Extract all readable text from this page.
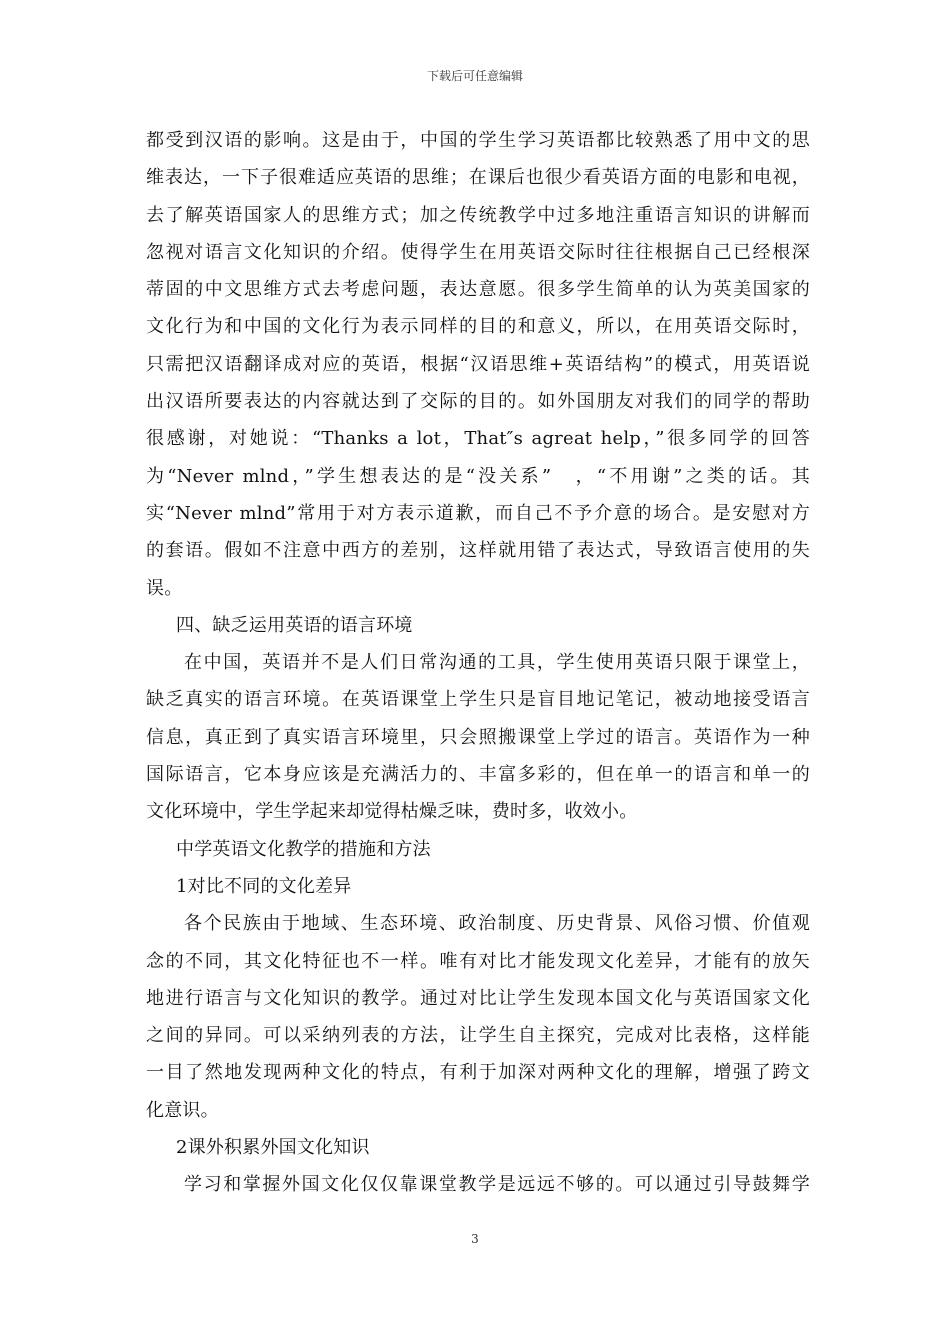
下载后可任意编辑
都受到汉语的影响。这是由于，中国的学生学习英语都比较熟悉了用中文的思
维表达，一下子很难适应英语的思维；在课后也很少看英语方面的电影和电视，
去了解英语国家人的思维方式；加之传统教学中过多地注重语言知识的讲解而
忽视对语言文化知识的介绍。使得学生在用英语交际时往往根据自己已经根深
蒂固的中文思维方式去考虑问题，表达意愿。很多学生简单的认为英美国家的
文化行为和中国的文化行为表示同样的目的和意义，所以，在用英语交际时，
只需把汉语翻译成对应的英语，根据“汉语思维+英语结构”的模式，用英语说
出汉语所要表达的内容就达到了交际的目的。如外国朋友对我们的同学的帮助
很感谢，对她说：“Thanks a lot，That″s agreat help，”很多同学的回答
为“Never mlnd，”学生想表达的是“没关系”　，“不用谢”之类的话。其
实“Never mlnd”常用于对方表示道歉，而自己不予介意的场合。是安慰对方
的套语。假如不注意中西方的差别，这样就用错了表达式，导致语言使用的失
误。
四、缺乏运用英语的语言环境
在中国，英语并不是人们日常沟通的工具，学生使用英语只限于课堂上，
缺乏真实的语言环境。在英语课堂上学生只是盲目地记笔记，被动地接受语言
信息，真正到了真实语言环境里，只会照搬课堂上学过的语言。英语作为一种
国际语言，它本身应该是充满活力的、丰富多彩的，但在单一的语言和单一的
文化环境中，学生学起来却觉得枯燥乏味，费时多，收效小。
中学英语文化教学的措施和方法
1对比不同的文化差异
各个民族由于地域、生态环境、政治制度、历史背景、风俗习惯、价值观
念的不同，其文化特征也不一样。唯有对比才能发现文化差异，才能有的放矢
地进行语言与文化知识的教学。通过对比让学生发现本国文化与英语国家文化
之间的异同。可以采纳列表的方法，让学生自主探究，完成对比表格，这样能
一目了然地发现两种文化的特点，有利于加深对两种文化的理解，增强了跨文
化意识。
2课外积累外国文化知识
学习和掌握外国文化仅仅靠课堂教学是远远不够的。可以通过引导鼓舞学
3
